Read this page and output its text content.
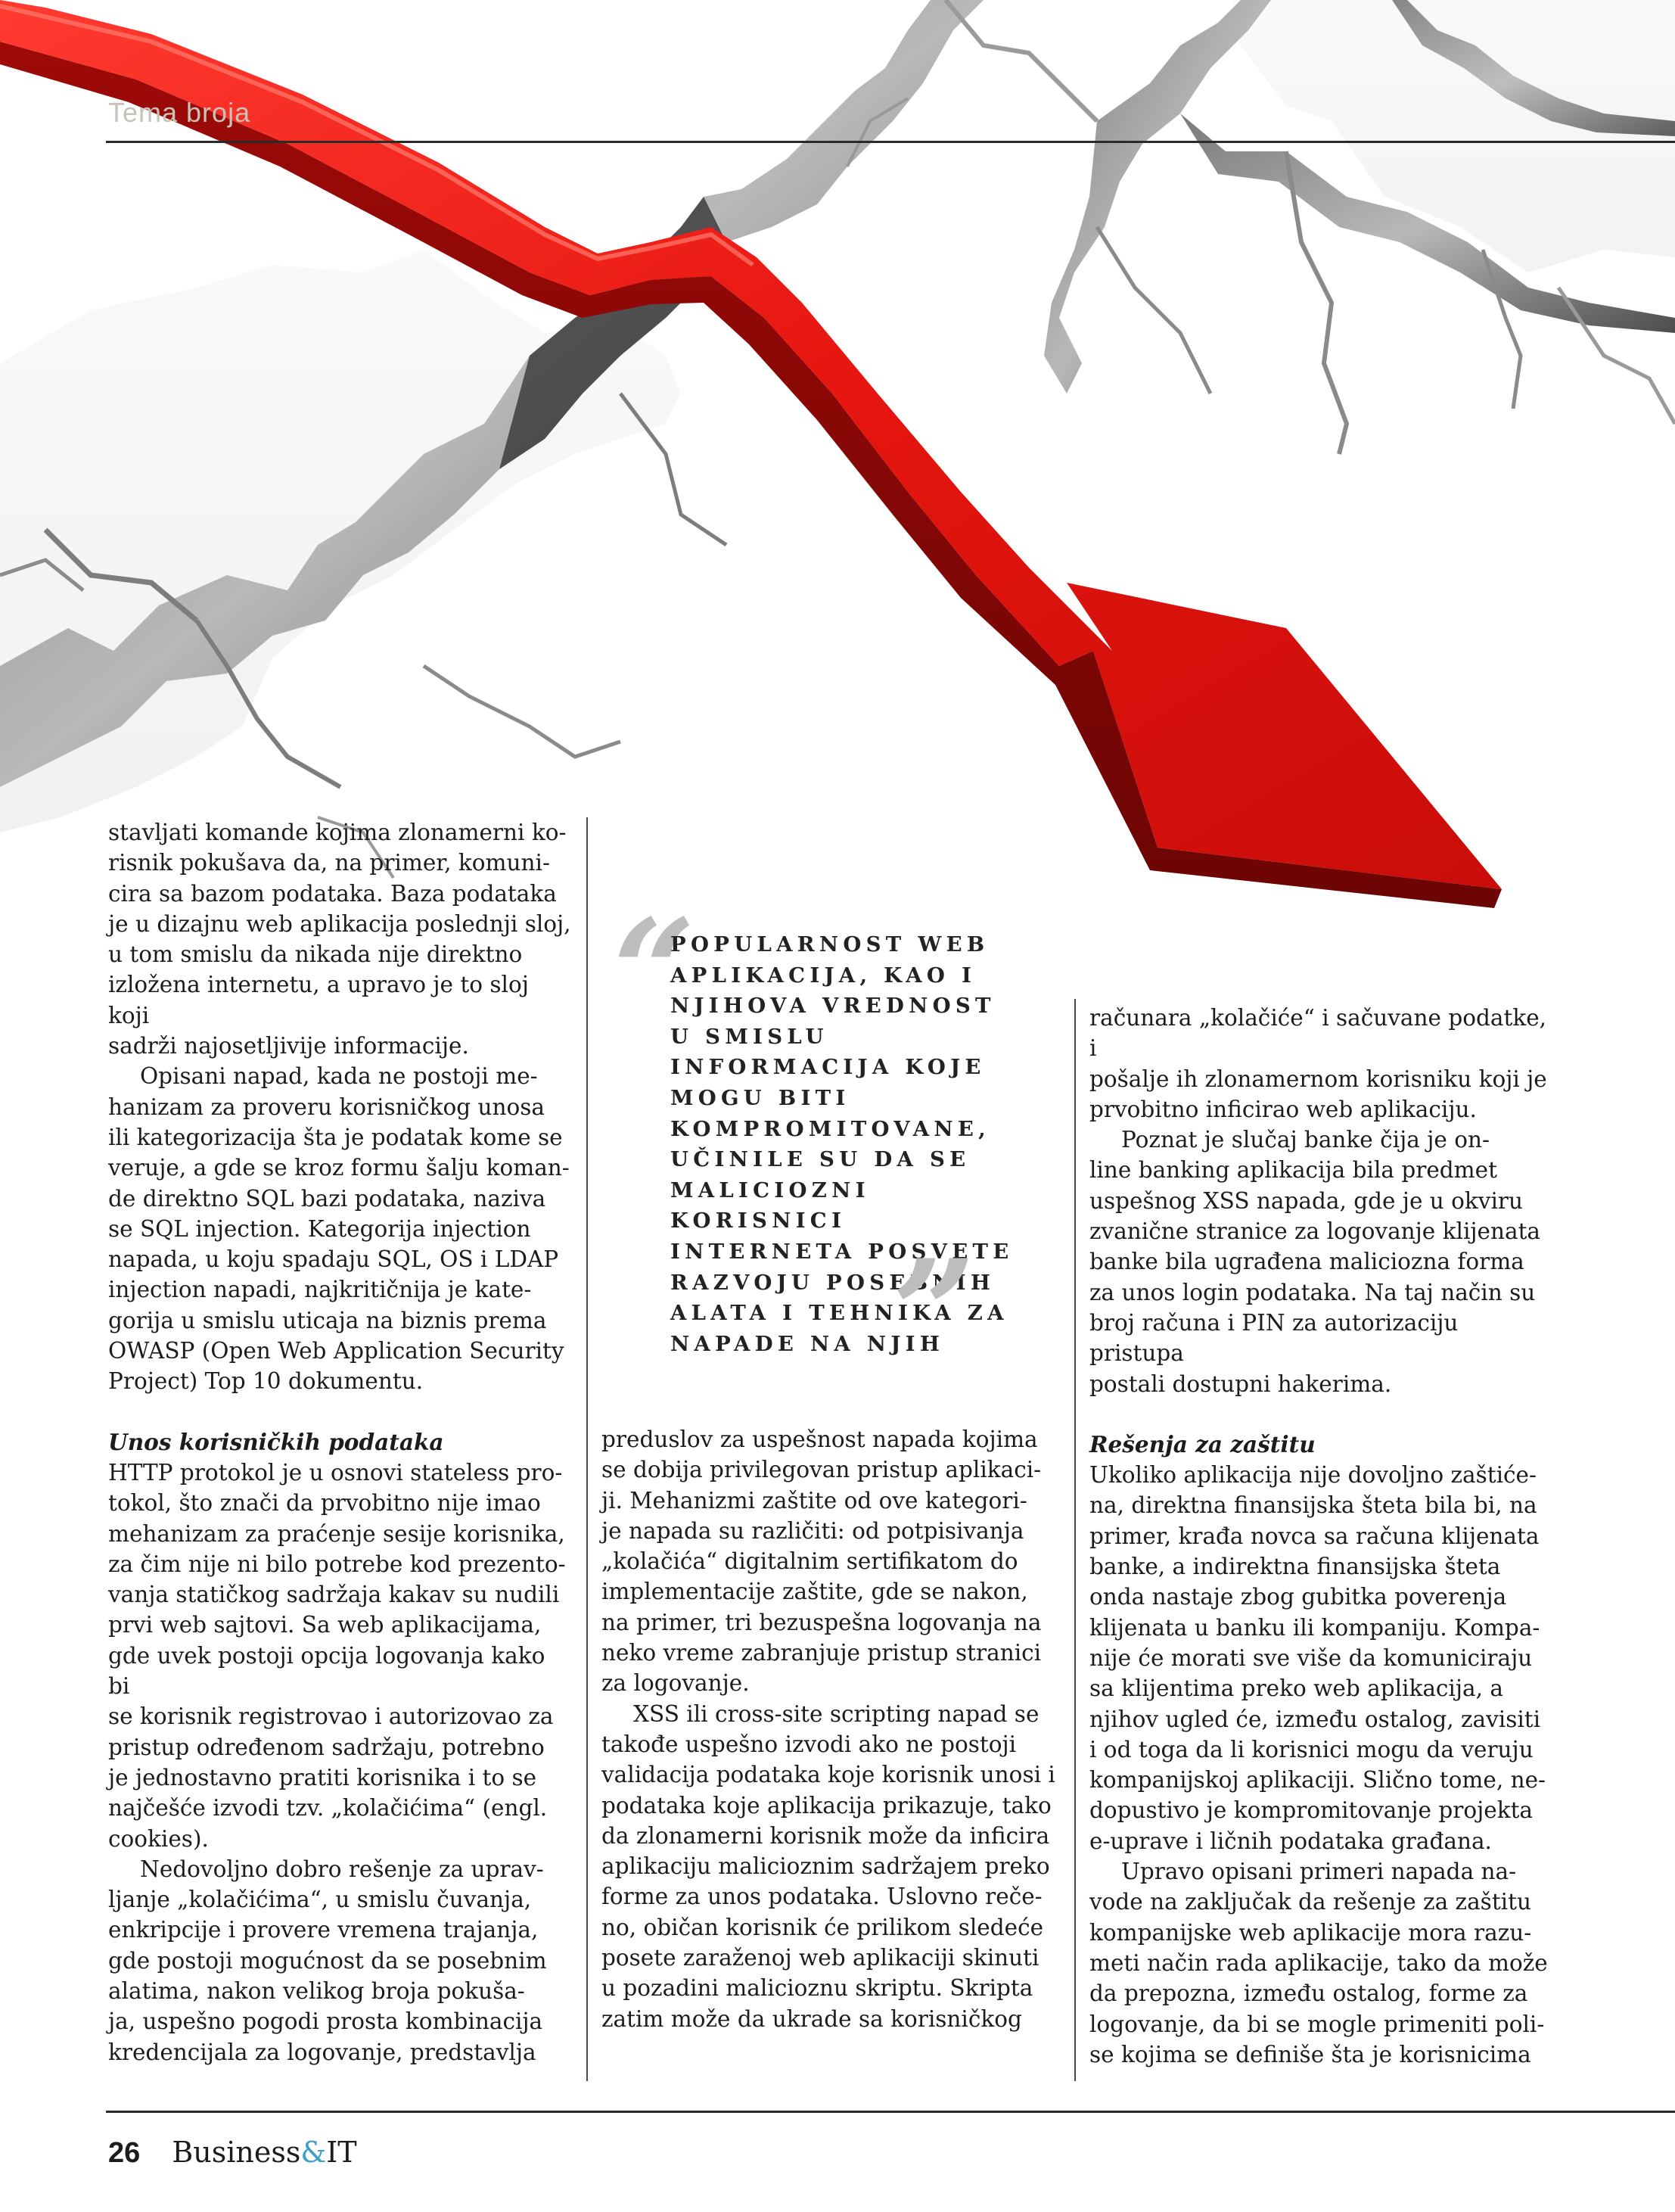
Tema broja

stavljati komande kojima zlonamerni ko-
risnik pokušava da, na primer, komuni-
cira sa bazom podataka. Baza podataka
je u dizajnu web aplikacija poslednji sloj,
u tom smislu da nikada nije direktno
izložena internetu, a upravo je to sloj koji
sadrži najosetljivije informacije.

Opisani napad, kada ne postoji me-
hanizam za proveru korisničkog unosa
ili kategorizacija šta je podatak kome se
veruje, a gde se kroz formu šalju koman-
de direktno SQL bazi podataka, naziva
se SQL injection. Kategorija injection
napada, u koju spadaju SQL, OS i LDAP
injection napadi, najkritičnija je kate-
gorija u smislu uticaja na biznis prema
OWASP (Open Web Application Security
Project) Top 10 dokumentu.

Unos korisničkih podataka

HTTP protokol je u osnovi stateless pro-
tokol, što znači da prvobitno nije imao
mehanizam za praćenje sesije korisnika,
za čim nije ni bilo potrebe kod prezento-
vanja statičkog sadržaja kakav su nudili
prvi web sajtovi. Sa web aplikacijama,
gde uvek postoji opcija logovanja kako bi
se korisnik registrovao i autorizovao za
pristup određenom sadržaju, potrebno
je jednostavno pratiti korisnika i to se
najčešće izvodi tzv. „kolačićima“ (engl.
cookies).

Nedovoljno dobro rešenje za uprav-
ljanje „kolačićima“, u smislu čuvanja,
enkripcije i provere vremena trajanja,
gde postoji mogućnost da se posebnim
alatima, nakon velikog broja pokuša-
ja, uspešno pogodi prosta kombinacija
kredencijala za logovanje, predstavlja

“
POPULARNOST WEB APLIKACIJA, KAO I NJIHOVA VREDNOST U SMISLU INFORMACIJA KOJE MOGU BITI KOMPROMITOVANE, UČINILE SU DA SE MALICIOZNI KORISNICI INTERNETA POSVETE RAZVOJU POSEBNIH ALATA I TEHNIKA ZA NAPADE NA NJIH
”

preduslov za uspešnost napada kojima
se dobija privilegovan pristup aplikaci-
ji. Mehanizmi zaštite od ove kategori-
je napada su različiti: od potpisivanja
„kolačića“ digitalnim sertifikatom do
implementacije zaštite, gde se nakon,
na primer, tri bezuspešna logovanja na
neko vreme zabranjuje pristup stranici
za logovanje.

XSS ili cross-site scripting napad se
takođe uspešno izvodi ako ne postoji
validacija podataka koje korisnik unosi i
podataka koje aplikacija prikazuje, tako
da zlonamerni korisnik može da inficira
aplikaciju malicioznim sadržajem preko
forme za unos podataka. Uslovno reče-
no, običan korisnik će prilikom sledeće
posete zaraženoj web aplikaciji skinuti
u pozadini malicioznu skriptu. Skripta
zatim može da ukrade sa korisničkog

računara „kolačiće“ i sačuvane podatke, i
pošalje ih zlonamernom korisniku koji je
prvobitno inficirao web aplikaciju.

Poznat je slučaj banke čija je on-
line banking aplikacija bila predmet
uspešnog XSS napada, gde je u okviru
zvanične stranice za logovanje klijenata
banke bila ugrađena maliciozna forma
za unos login podataka. Na taj način su
broj računa i PIN za autorizaciju pristupa
postali dostupni hakerima.

Rešenja za zaštitu

Ukoliko aplikacija nije dovoljno zaštiće-
na, direktna finansijska šteta bila bi, na
primer, krađa novca sa računa klijenata
banke, a indirektna finansijska šteta
onda nastaje zbog gubitka poverenja
klijenata u banku ili kompaniju. Kompa-
nije će morati sve više da komuniciraju
sa klijentima preko web aplikacija, a
njihov ugled će, između ostalog, zavisiti
i od toga da li korisnici mogu da veruju
kompanijskoj aplikaciji. Slično tome, ne-
dopustivo je kompromitovanje projekta
e-uprave i ličnih podataka građana.

Upravo opisani primeri napada na-
vode na zaključak da rešenje za zaštitu
kompanijske web aplikacije mora razu-
meti način rada aplikacije, tako da može
da prepozna, između ostalog, forme za
logovanje, da bi se mogle primeniti poli-
se kojima se definiše šta je korisnicima

26 Business&IT
